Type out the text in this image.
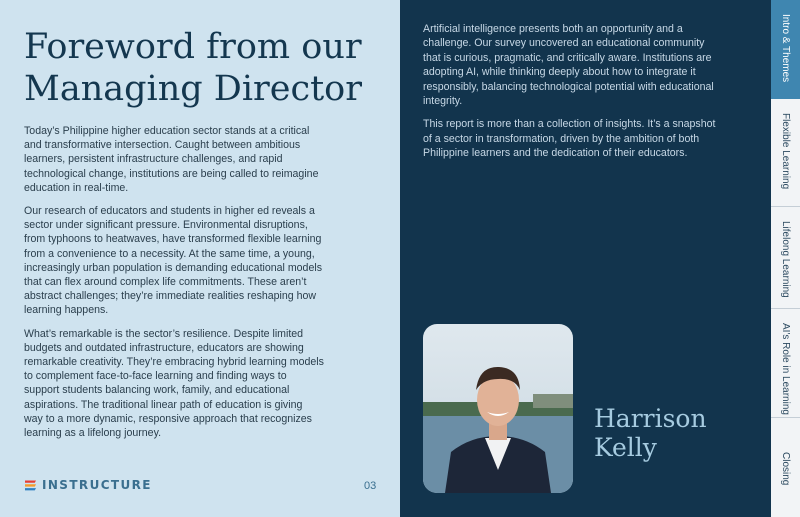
Foreword from our
Managing Director

Today’s Philippine higher education sector stands at a critical and transformative intersection. Caught between ambitious learners, persistent infrastructure challenges, and rapid technological change, institutions are being called to reimagine education in real-time.

Our research of educators and students in higher ed reveals a sector under significant pressure. Environmental disruptions, from typhoons to heatwaves, have transformed flexible learning from a convenience to a necessity. At the same time, a young, increasingly urban population is demanding educational models that can flex around complex life commitments. These aren’t abstract challenges; they’re immediate realities reshaping how learning happens.

What’s remarkable is the sector’s resilience. Despite limited budgets and outdated infrastructure, educators are showing remarkable creativity. They’re embracing hybrid learning models to complement face-to-face learning and finding ways to support students balancing work, family, and educational aspirations. The traditional linear path of education is giving way to a more dynamic, responsive approach that recognizes learning as a lifelong journey.

INSTRUCTURE	03

Artificial intelligence presents both an opportunity and a challenge. Our survey uncovered an educational community that is curious, pragmatic, and critically aware. Institutions are adopting AI, while thinking deeply about how to integrate it responsibly, balancing technological potential with educational integrity.

This report is more than a collection of insights. It’s a snapshot of a sector in transformation, driven by the ambition of both Philippine learners and the dedication of their educators.

Harrison
Kelly
Intro & Themes
Flexible Learning
Lifelong Learning
AI's Role in Learning
Closing
